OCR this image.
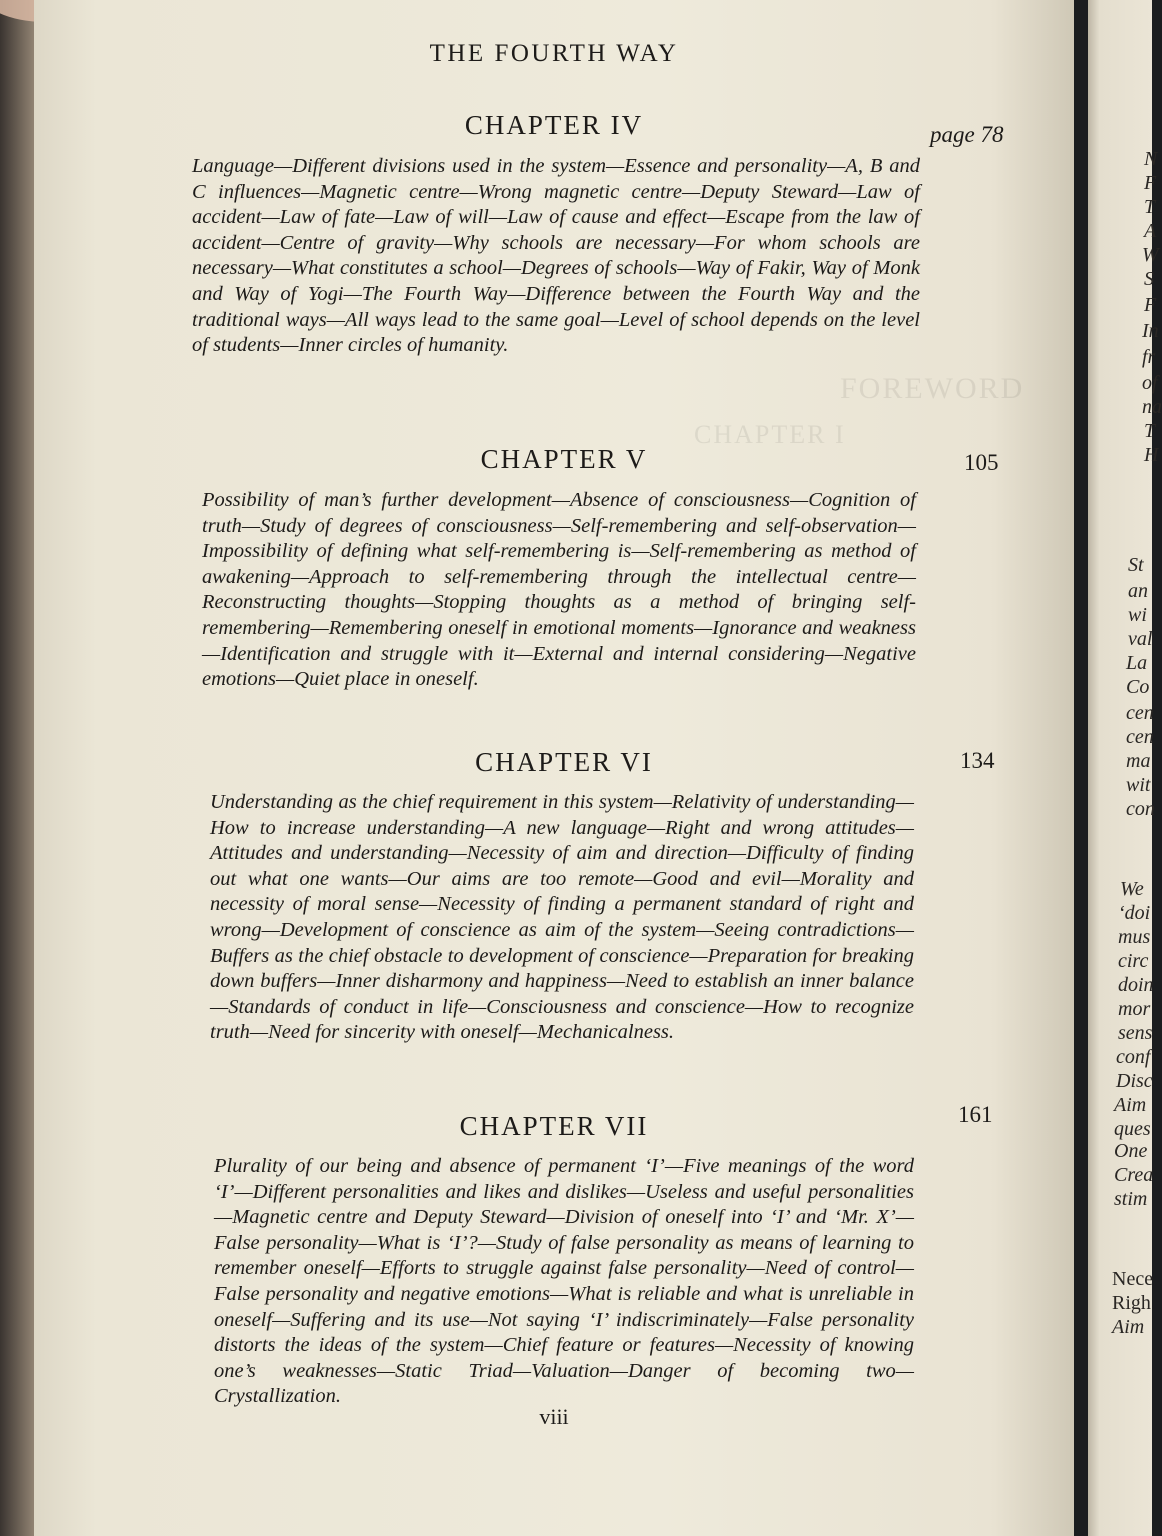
FOREWORD
CHAPTER I
THE FOURTH WAY
CHAPTER IV	page 78

Language—Different divisions used in the system—Essence and personality—A, B and C influences—Magnetic centre—Wrong magnetic centre—Deputy Steward—Law of accident—Law of fate—Law of will—Law of cause and effect—Escape from the law of accident—Centre of gravity—Why schools are necessary—For whom schools are necessary—What constitutes a school—Degrees of schools—Way of Fakir, Way of Monk and Way of Yogi—The Fourth Way—Difference between the Fourth Way and the traditional ways—All ways lead to the same goal—Level of school depends on the level of students—Inner circles of humanity.

CHAPTER V	105

Possibility of man’s further development—Absence of consciousness—Cognition of truth—Study of degrees of consciousness—Self-remembering and self-observation—Impossibility of defining what self-remembering is—Self-remembering as method of awakening—Approach to self-remembering through the intellectual centre—Reconstructing thoughts—Stopping thoughts as a method of bringing self-remembering—Remembering oneself in emotional moments—Ignorance and weakness—Identification and struggle with it—External and internal considering—Negative emotions—Quiet place in oneself.

CHAPTER VI	134

Understanding as the chief requirement in this system—Relativity of understanding—How to increase understanding—A new language—Right and wrong attitudes—Attitudes and understanding—Necessity of aim and direction—Difficulty of finding out what one wants—Our aims are too remote—Good and evil—Morality and necessity of moral sense—Necessity of finding a permanent standard of right and wrong—Development of conscience as aim of the system—Seeing contradictions—Buffers as the chief obstacle to development of conscience—Preparation for breaking down buffers—Inner disharmony and happiness—Need to establish an inner balance—Standards of conduct in life—Consciousness and conscience—How to recognize truth—Need for sincerity with oneself—Mechanicalness.

CHAPTER VII	161

Plurality of our being and absence of permanent ‘I’—Five meanings of the word ‘I’—Different personalities and likes and dislikes—Useless and useful personalities—Magnetic centre and Deputy Steward—Division of oneself into ‘I’ and ‘Mr. X’—False personality—What is ‘I’?—Study of false personality as means of learning to remember oneself—Efforts to struggle against false personality—Need of control—False personality and negative emotions—What is reliable and what is unreliable in oneself—Suffering and its use—Not saying ‘I’ indiscriminately—False personality distorts the ideas of the system—Chief feature or features—Necessity of knowing one’s weaknesses—Static Triad—Valuation—Danger of becoming two—Crystallization.

viii
N
F
T
A
W
S
F
In
fr
of
na
T
H
St
an
wi
val
La
Co
cen
cen
ma
wit
con
We
‘doi
mus
circ
doin
mor
sens
conf
Disc
Aim
ques
One
Crea
stim
Nece
Righ
Aim
